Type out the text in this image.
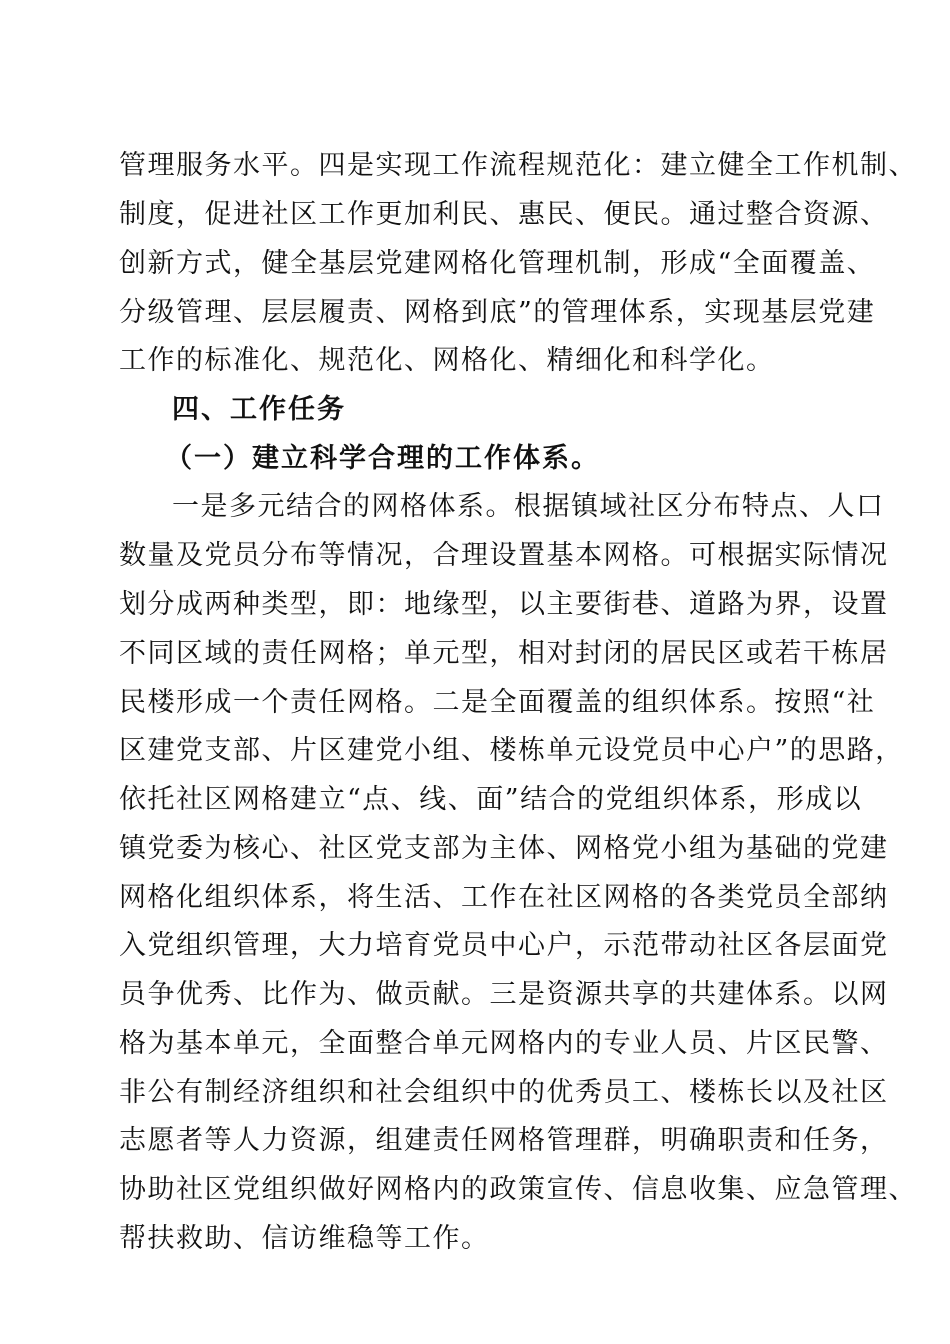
管理服务水平。四是实现工作流程规范化：建立健全工作机制、
制度，促进社区工作更加利民、惠民、便民。通过整合资源、
创新方式，健全基层党建网格化管理机制，形成“全面覆盖、
分级管理、层层履责、网格到底”的管理体系，实现基层党建
工作的标准化、规范化、网格化、精细化和科学化。
四、工作任务
（一）建立科学合理的工作体系。
一是多元结合的网格体系。根据镇域社区分布特点、人口
数量及党员分布等情况，合理设置基本网格。可根据实际情况
划分成两种类型，即：地缘型，以主要街巷、道路为界，设置
不同区域的责任网格；单元型，相对封闭的居民区或若干栋居
民楼形成一个责任网格。二是全面覆盖的组织体系。按照“社
区建党支部、片区建党小组、楼栋单元设党员中心户”的思路，
依托社区网格建立“点、线、面”结合的党组织体系，形成以
镇党委为核心、社区党支部为主体、网格党小组为基础的党建
网格化组织体系，将生活、工作在社区网格的各类党员全部纳
入党组织管理，大力培育党员中心户，示范带动社区各层面党
员争优秀、比作为、做贡献。三是资源共享的共建体系。以网
格为基本单元，全面整合单元网格内的专业人员、片区民警、
非公有制经济组织和社会组织中的优秀员工、楼栋长以及社区
志愿者等人力资源，组建责任网格管理群，明确职责和任务，
协助社区党组织做好网格内的政策宣传、信息收集、应急管理、
帮扶救助、信访维稳等工作。
